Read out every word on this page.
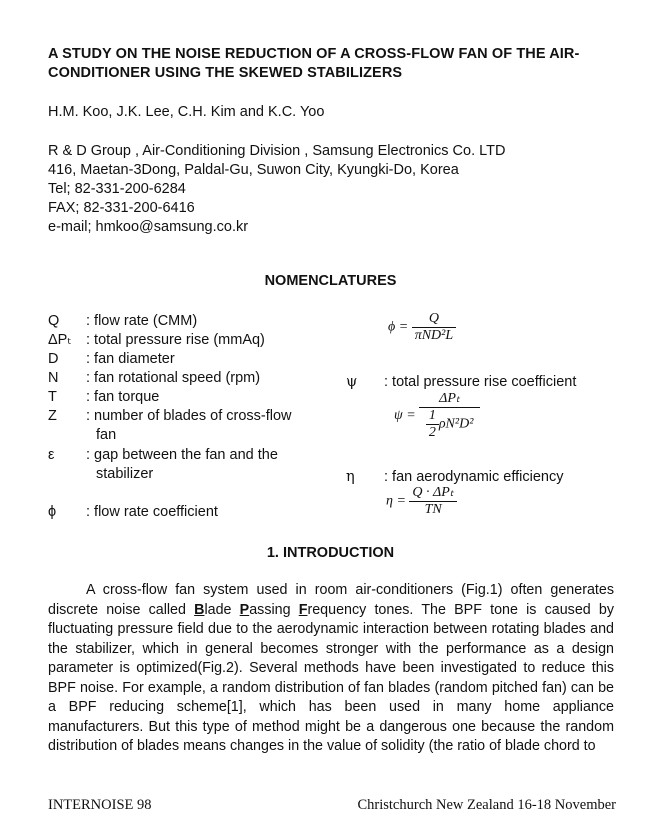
A STUDY ON THE NOISE REDUCTION OF A CROSS-FLOW FAN OF THE AIR-CONDITIONER USING THE SKEWED STABILIZERS
H.M. Koo, J.K. Lee, C.H. Kim and K.C. Yoo
R & D Group , Air-Conditioning Division , Samsung Electronics Co. LTD
416, Maetan-3Dong, Paldal-Gu, Suwon City, Kyungki-Do, Korea
Tel; 82-331-200-6284
FAX; 82-331-200-6416
e-mail; hmkoo@samsung.co.kr
NOMENCLATURES
Q : flow rate (CMM)
ΔPₜ : total pressure rise (mmAq)
D : fan diameter
N : fan rotational speed (rpm)
T : fan torque
Z : number of blades of cross-flow
fan
ε : gap between the fan and the
stabilizer
ϕ : flow rate coefficient
$\phi = \frac{Q}{\text{πND²L}}$
ψ : total pressure rise coefficient
$\psi = \frac{\text{ΔPₜ}}{\frac{1}{2} \rho N^2D^2}$
η : fan aerodynamic efficiency
$\eta = \frac{\text{Q · ΔPₜ}}{TN}$
1. INTRODUCTION
A cross-flow fan system used in room air-conditioners (Fig.1) often generates discrete noise called Blade Passing Frequency tones. The BPF tone is caused by fluctuating pressure field due to the aerodynamic interaction between rotating blades and the stabilizer, which in general becomes stronger with the performance as a design parameter is optimized(Fig.2). Several methods have been investigated to reduce this BPF noise. For example, a random distribution of fan blades (random pitched fan) can be a BPF reducing scheme[1], which has been used in many home appliance manufacturers. But this type of method might be a dangerous one because the random distribution of blades means changes in the value of solidity (the ratio of blade chord to
INTERNOISE 98	Christchurch New Zealand 16-18 November
